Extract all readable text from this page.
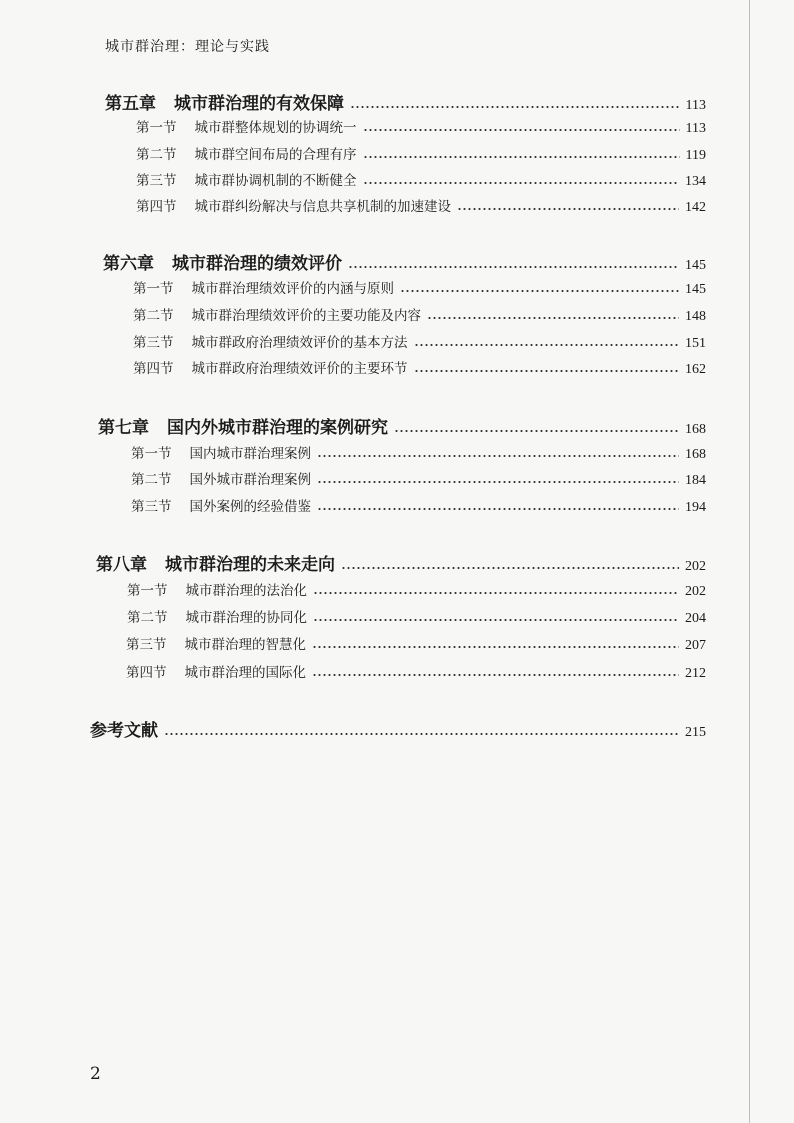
城市群治理：理论与实践
第五章 城市群治理的有效保障	113
第一节 城市群整体规划的协调统一	113
第二节 城市群空间布局的合理有序	119
第三节 城市群协调机制的不断健全	134
第四节 城市群纠纷解决与信息共享机制的加速建设	142
第六章 城市群治理的绩效评价	145
第一节 城市群治理绩效评价的内涵与原则	145
第二节 城市群治理绩效评价的主要功能及内容	148
第三节 城市群政府治理绩效评价的基本方法	151
第四节 城市群政府治理绩效评价的主要环节	162
第七章 国内外城市群治理的案例研究	168
第一节 国内城市群治理案例	168
第二节 国外城市群治理案例	184
第三节 国外案例的经验借鉴	194
第八章 城市群治理的未来走向	202
第一节 城市群治理的法治化	202
第二节 城市群治理的协同化	204
第三节 城市群治理的智慧化	207
第四节 城市群治理的国际化	212
参考文献	215
2
